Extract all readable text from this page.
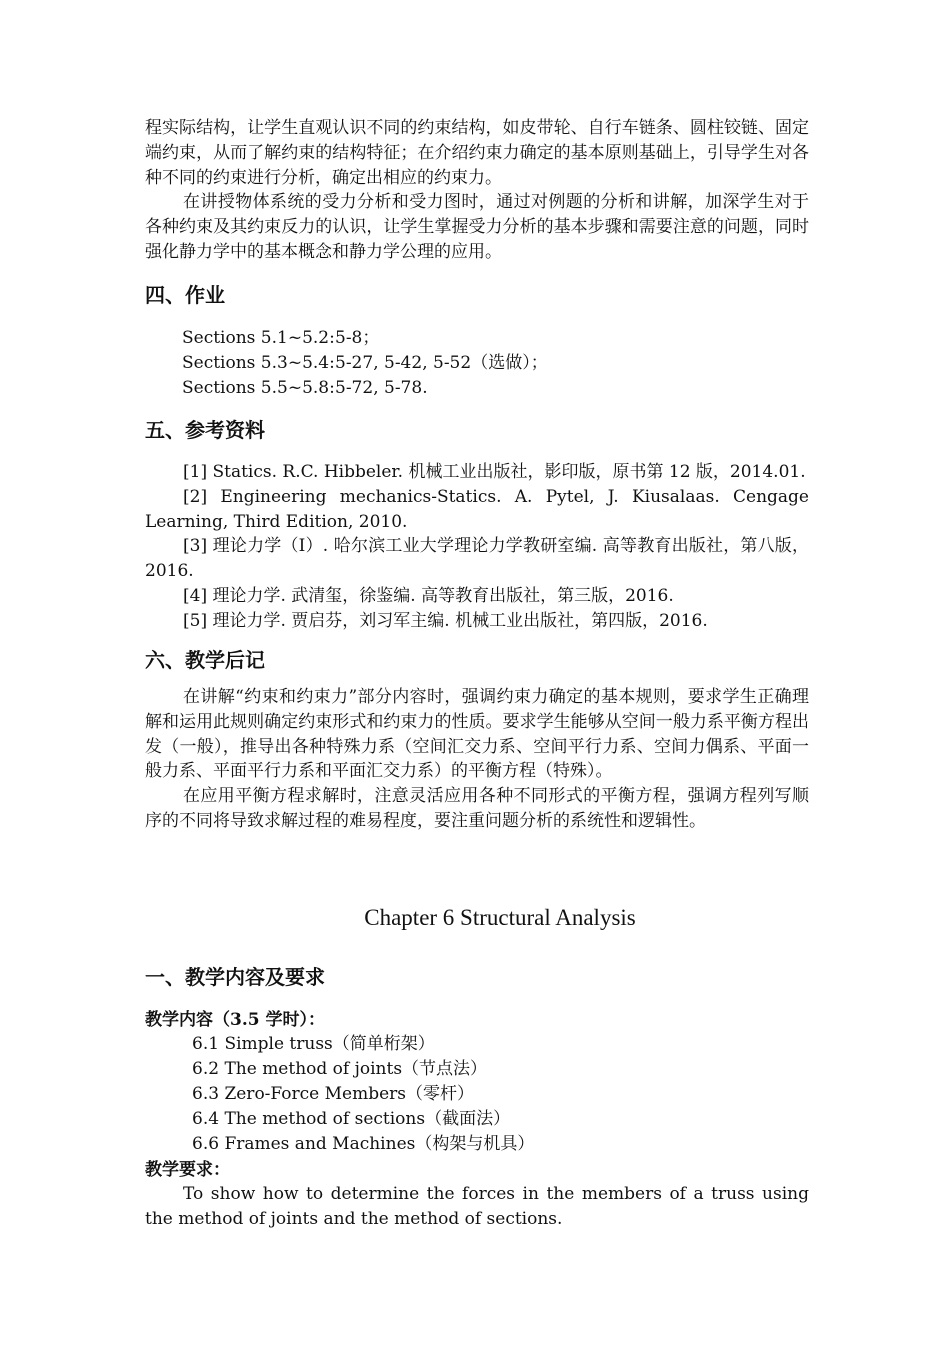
程实际结构，让学生直观认识不同的约束结构，如皮带轮、自行车链条、圆柱铰链、固定端约束，从而了解约束的结构特征；在介绍约束力确定的基本原则基础上，引导学生对各种不同的约束进行分析，确定出相应的约束力。

在讲授物体系统的受力分析和受力图时，通过对例题的分析和讲解，加深学生对于各种约束及其约束反力的认识，让学生掌握受力分析的基本步骤和需要注意的问题，同时强化静力学中的基本概念和静力学公理的应用。

四、作业
Sections 5.1~5.2:5-8；
Sections 5.3~5.4:5-27, 5-42, 5-52（选做）；
Sections 5.5~5.8:5-72, 5-78.
五、参考资料

[1] Statics. R.C. Hibbeler. 机械工业出版社，影印版，原书第 12 版，2014.01.

[2] Engineering mechanics-Statics. A. Pytel, J. Kiusalaas. Cengage Learning, Third Edition, 2010.

[3] 理论力学（I）. 哈尔滨工业大学理论力学教研室编. 高等教育出版社，第八版，2016.

[4] 理论力学. 武清玺，徐鉴编. 高等教育出版社，第三版，2016.

[5] 理论力学. 贾启芬，刘习军主编. 机械工业出版社，第四版，2016.

六、教学后记

在讲解“约束和约束力”部分内容时，强调约束力确定的基本规则，要求学生正确理解和运用此规则确定约束形式和约束力的性质。要求学生能够从空间一般力系平衡方程出发（一般），推导出各种特殊力系（空间汇交力系、空间平行力系、空间力偶系、平面一般力系、平面平行力系和平面汇交力系）的平衡方程（特殊）。

在应用平衡方程求解时，注意灵活应用各种不同形式的平衡方程，强调方程列写顺序的不同将导致求解过程的难易程度，要注重问题分析的系统性和逻辑性。

Chapter 6 Structural Analysis
一、教学内容及要求
教学内容（3.5 学时）：
6.1 Simple truss（简单桁架）
6.2 The method of joints（节点法）
6.3 Zero-Force Members（零杆）
6.4 The method of sections（截面法）
6.6 Frames and Machines（构架与机具）
教学要求：

To show how to determine the forces in the members of a truss using the method of joints and the method of sections.
